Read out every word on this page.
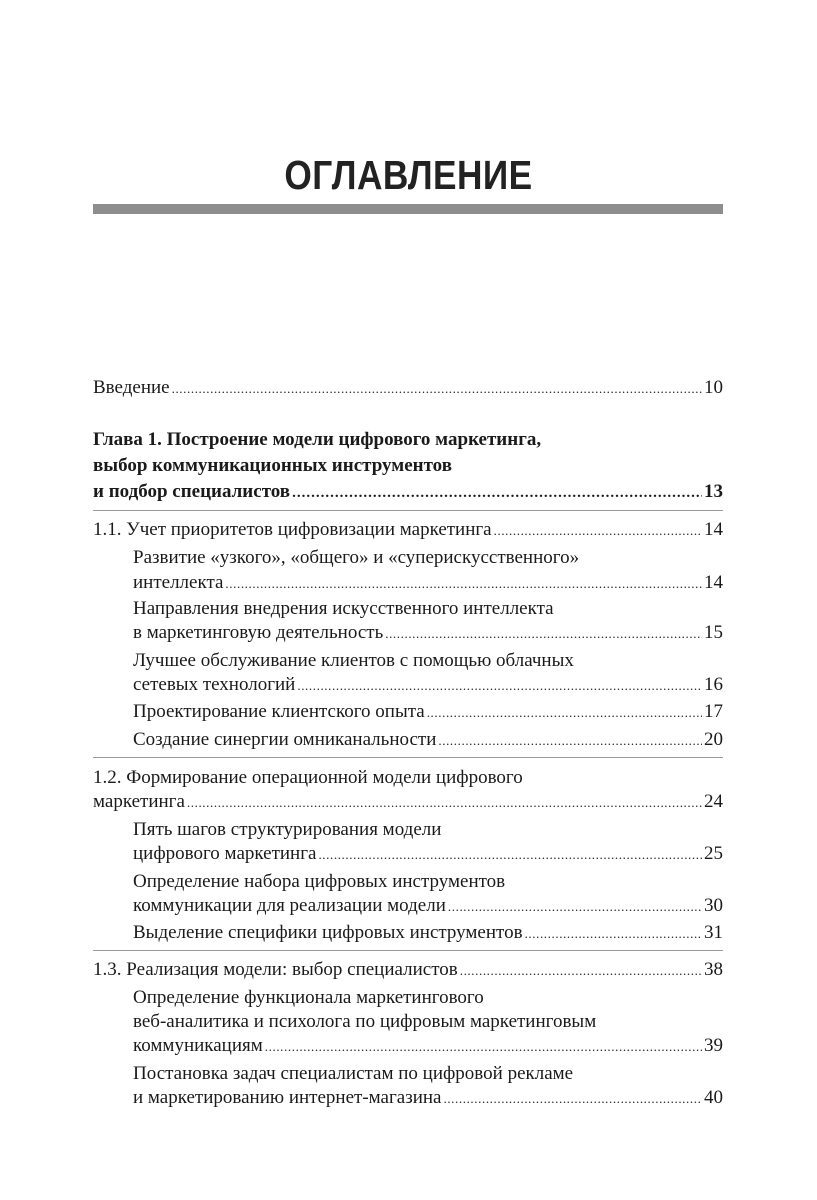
ОГЛАВЛЕНИЕ
Введение .....	10
Глава 1. Построение модели цифрового маркетинга,
выбор коммуникационных инструментов
и подбор специалистов .....	13
1.1. Учет приоритетов цифровизации маркетинга .....	14
Развитие «узкого», «общего» и «суперискусственного»
интеллекта .....	14
Направления внедрения искусственного интеллекта
в маркетинговую деятельность .....	15
Лучшее обслуживание клиентов с помощью облачных
сетевых технологий .....	16
Проектирование клиентского опыта .....	17
Создание синергии омниканальности .....	20
1.2. Формирование операционной модели цифрового
маркетинга .....	24
Пять шагов структурирования модели
цифрового маркетинга .....	25
Определение набора цифровых инструментов
коммуникации для реализации модели .....	30
Выделение специфики цифровых инструментов .....	31
1.3. Реализация модели: выбор специалистов .....	38
Определение функционала маркетингового
веб-аналитика и психолога по цифровым маркетинговым
коммуникациям .....	39
Постановка задач специалистам по цифровой рекламе
и маркетированию интернет-магазина .....	40
